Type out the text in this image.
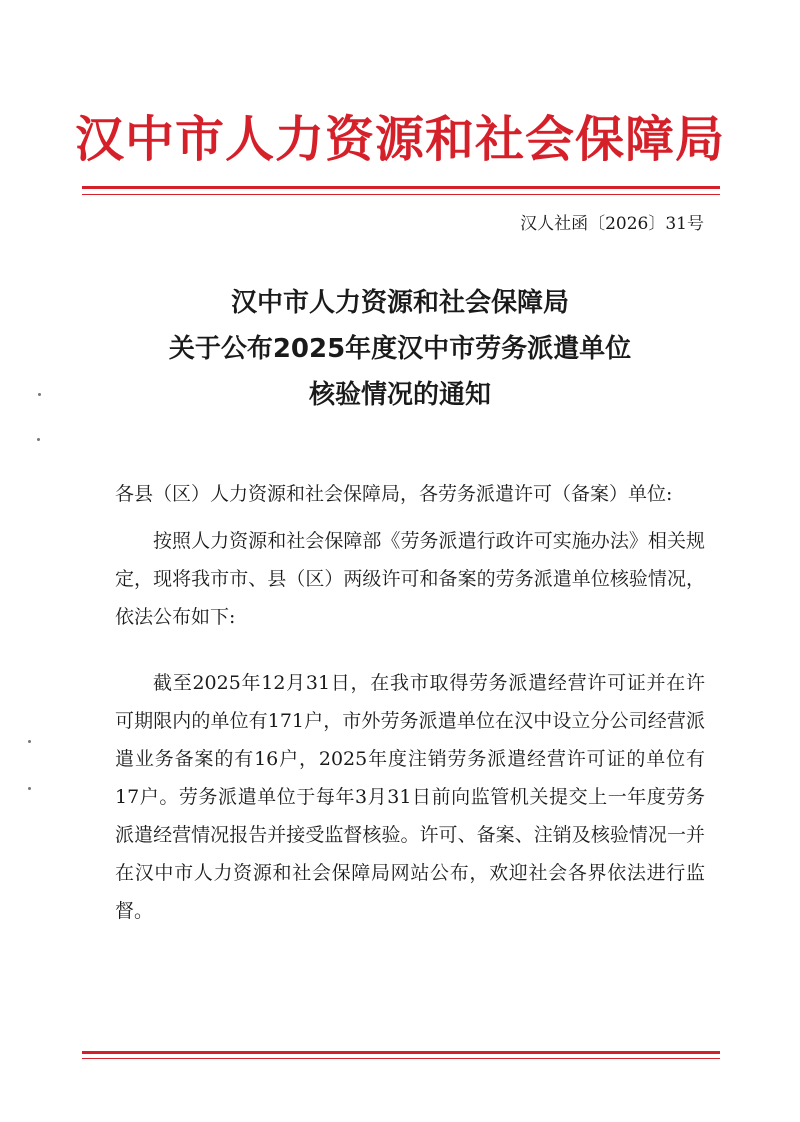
汉中市人力资源和社会保障局
汉人社函〔2026〕31号
汉中市人力资源和社会保障局
关于公布2025年度汉中市劳务派遣单位
核验情况的通知
各县（区）人力资源和社会保障局，各劳务派遣许可（备案）单位:
按照人力资源和社会保障部《劳务派遣行政许可实施办法》相关规定，现将我市市、县（区）两级许可和备案的劳务派遣单位核验情况，依法公布如下:
截至2025年12月31日，在我市取得劳务派遣经营许可证并在许可期限内的单位有171户，市外劳务派遣单位在汉中设立分公司经营派遣业务备案的有16户，2025年度注销劳务派遣经营许可证的单位有17户。劳务派遣单位于每年3月31日前向监管机关提交上一年度劳务派遣经营情况报告并接受监督核验。许可、备案、注销及核验情况一并在汉中市人力资源和社会保障局网站公布，欢迎社会各界依法进行监督。
